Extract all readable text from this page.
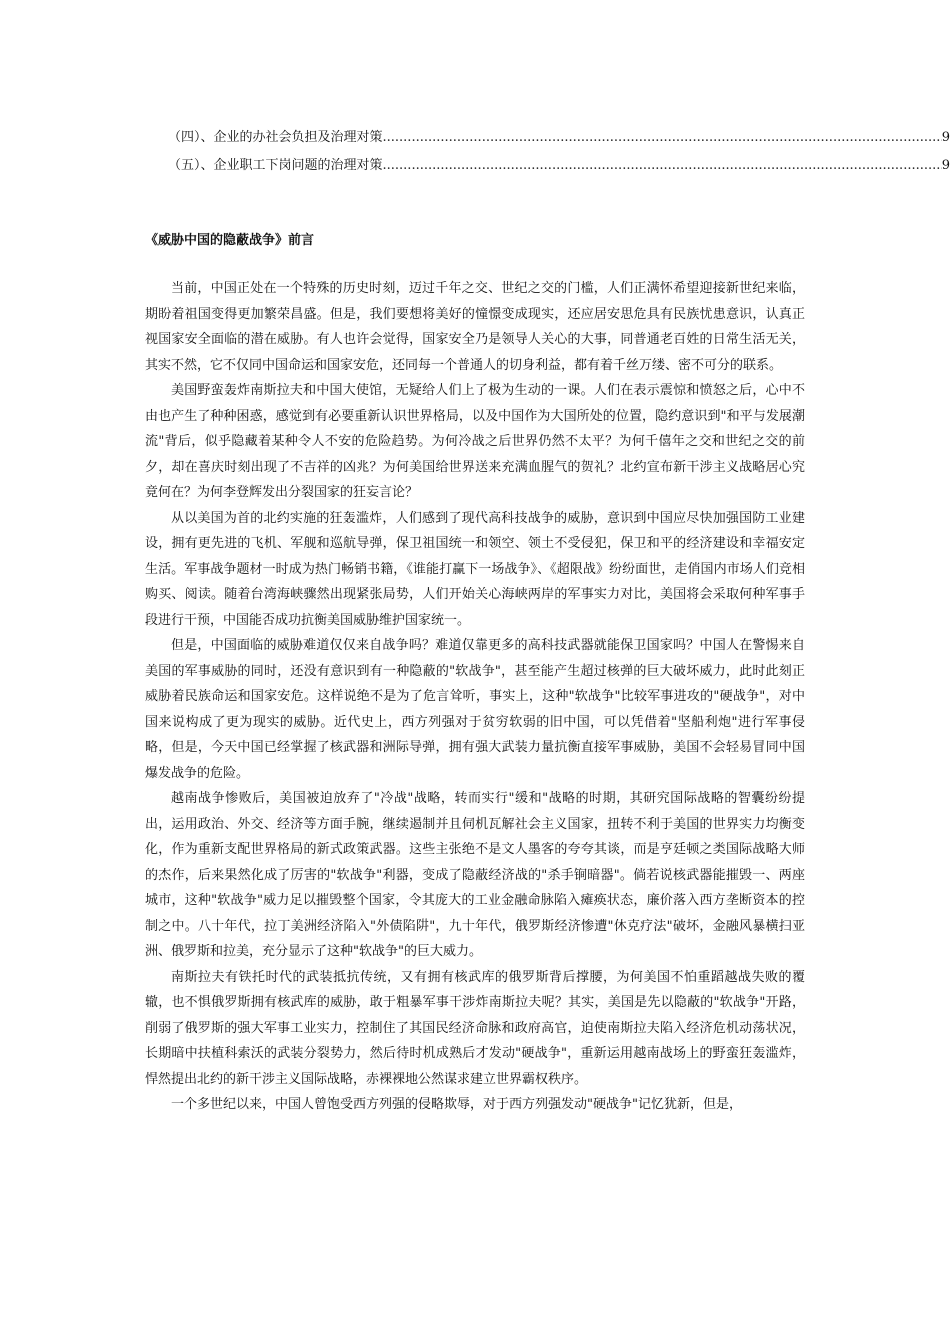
（四）、企业的办社会负担及治理对策 .....	9
（五）、企业职工下岗问题的治理对策 .....	9
《威胁中国的隐蔽战争》前言

当前，中国正处在一个特殊的历史时刻，迈过千年之交、世纪之交的门槛，人们正满怀希望迎接新世纪来临，期盼着祖国变得更加繁荣昌盛。但是，我们要想将美好的憧憬变成现实，还应居安思危具有民族忧患意识，认真正视国家安全面临的潜在威胁。有人也许会觉得，国家安全乃是领导人关心的大事，同普通老百姓的日常生活无关，其实不然，它不仅同中国命运和国家安危，还同每一个普通人的切身利益，都有着千丝万缕、密不可分的联系。

美国野蛮轰炸南斯拉夫和中国大使馆，无疑给人们上了极为生动的一课。人们在表示震惊和愤怒之后，心中不由也产生了种种困惑，感觉到有必要重新认识世界格局，以及中国作为大国所处的位置，隐约意识到"和平与发展潮流"背后，似乎隐藏着某种令人不安的危险趋势。为何冷战之后世界仍然不太平？为何千僖年之交和世纪之交的前夕，却在喜庆时刻出现了不吉祥的凶兆？为何美国给世界送来充满血腥气的贺礼？北约宣布新干涉主义战略居心究竟何在？为何李登辉发出分裂国家的狂妄言论？

从以美国为首的北约实施的狂轰滥炸，人们感到了现代高科技战争的威胁，意识到中国应尽快加强国防工业建设，拥有更先进的飞机、军舰和巡航导弹，保卫祖国统一和领空、领土不受侵犯，保卫和平的经济建设和幸福安定生活。军事战争题材一时成为热门畅销书籍，《谁能打赢下一场战争》、《超限战》纷纷面世，走俏国内市场人们竞相购买、阅读。随着台湾海峡骤然出现紧张局势，人们开始关心海峡两岸的军事实力对比，美国将会采取何种军事手段进行干预，中国能否成功抗衡美国威胁维护国家统一。

但是，中国面临的威胁难道仅仅来自战争吗？难道仅靠更多的高科技武器就能保卫国家吗？中国人在警惕来自美国的军事威胁的同时，还没有意识到有一种隐蔽的"软战争"，甚至能产生超过核弹的巨大破坏威力，此时此刻正威胁着民族命运和国家安危。这样说绝不是为了危言耸听，事实上，这种"软战争"比较军事进攻的"硬战争"，对中国来说构成了更为现实的威胁。近代史上，西方列强对于贫穷软弱的旧中国，可以凭借着"坚船利炮"进行军事侵略，但是，今天中国已经掌握了核武器和洲际导弹，拥有强大武装力量抗衡直接军事威胁，美国不会轻易冒同中国爆发战争的危险。

越南战争惨败后，美国被迫放弃了"冷战"战略，转而实行"缓和"战略的时期，其研究国际战略的智囊纷纷提出，运用政治、外交、经济等方面手腕，继续遏制并且伺机瓦解社会主义国家，扭转不利于美国的世界实力均衡变化，作为重新支配世界格局的新式政策武器。这些主张绝不是文人墨客的夸夸其谈，而是亨廷顿之类国际战略大师的杰作，后来果然化成了厉害的"软战争"利器，变成了隐蔽经济战的"杀手锏暗器"。倘若说核武器能摧毁一、两座城市，这种"软战争"威力足以摧毁整个国家，令其庞大的工业金融命脉陷入瘫痪状态，廉价落入西方垄断资本的控制之中。八十年代，拉丁美洲经济陷入"外债陷阱"，九十年代，俄罗斯经济惨遭"休克疗法"破坏，金融风暴横扫亚洲、俄罗斯和拉美，充分显示了这种"软战争"的巨大威力。

南斯拉夫有铁托时代的武装抵抗传统，又有拥有核武库的俄罗斯背后撑腰，为何美国不怕重蹈越战失败的覆辙，也不惧俄罗斯拥有核武库的威胁，敢于粗暴军事干涉炸南斯拉夫呢？其实，美国是先以隐蔽的"软战争"开路，削弱了俄罗斯的强大军事工业实力，控制住了其国民经济命脉和政府高官，迫使南斯拉夫陷入经济危机动荡状况，长期暗中扶植科索沃的武装分裂势力，然后待时机成熟后才发动"硬战争"，重新运用越南战场上的野蛮狂轰滥炸，悍然提出北约的新干涉主义国际战略，赤裸裸地公然谋求建立世界霸权秩序。

一个多世纪以来，中国人曾饱受西方列强的侵略欺辱，对于西方列强发动"硬战争"记忆犹新，但是，
